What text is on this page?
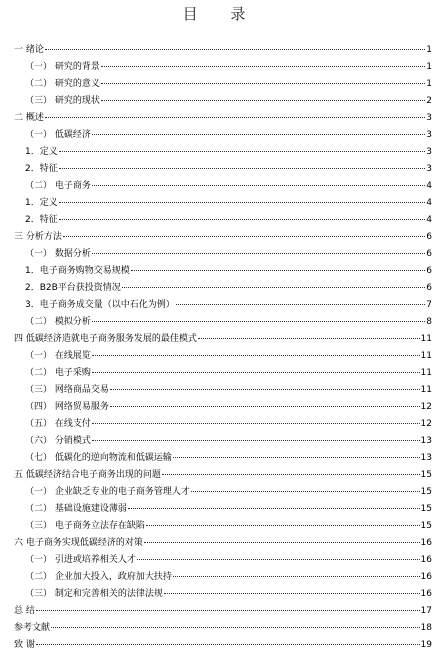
目 录
一 绪论	1
（一） 研究的背景	1
（二） 研究的意义	1
（三） 研究的现状	2
二 概述	3
（一） 低碳经济	3
1．定义	3
2．特征	3
（二） 电子商务	4
1．定义	4
2．特征	4
三 分析方法	6
（一） 数据分析	6
1．电子商务购物交易规模	6
2．B2B平台获投资情况	6
3．电子商务成交量（以中石化为例）	7
（二） 模拟分析	8
四 低碳经济造就电子商务服务发展的最佳模式	11
（一） 在线展览	11
（二） 电子采购	11
（三） 网络商品交易	11
（四） 网络贸易服务	12
（五） 在线支付	12
（六） 分销模式	13
（七） 低碳化的逆向物流和低碳运输	13
五 低碳经济结合电子商务出现的问题	15
（一） 企业缺乏专业的电子商务管理人才	15
（二） 基础设施建设薄弱	15
（三） 电子商务立法存在缺陷	15
六 电子商务实现低碳经济的对策	16
（一） 引进或培养相关人才	16
（二） 企业加大投入，政府加大扶持	16
（三） 制定和完善相关的法律法规	16
总 结	17
参考文献	18
致 谢	19
